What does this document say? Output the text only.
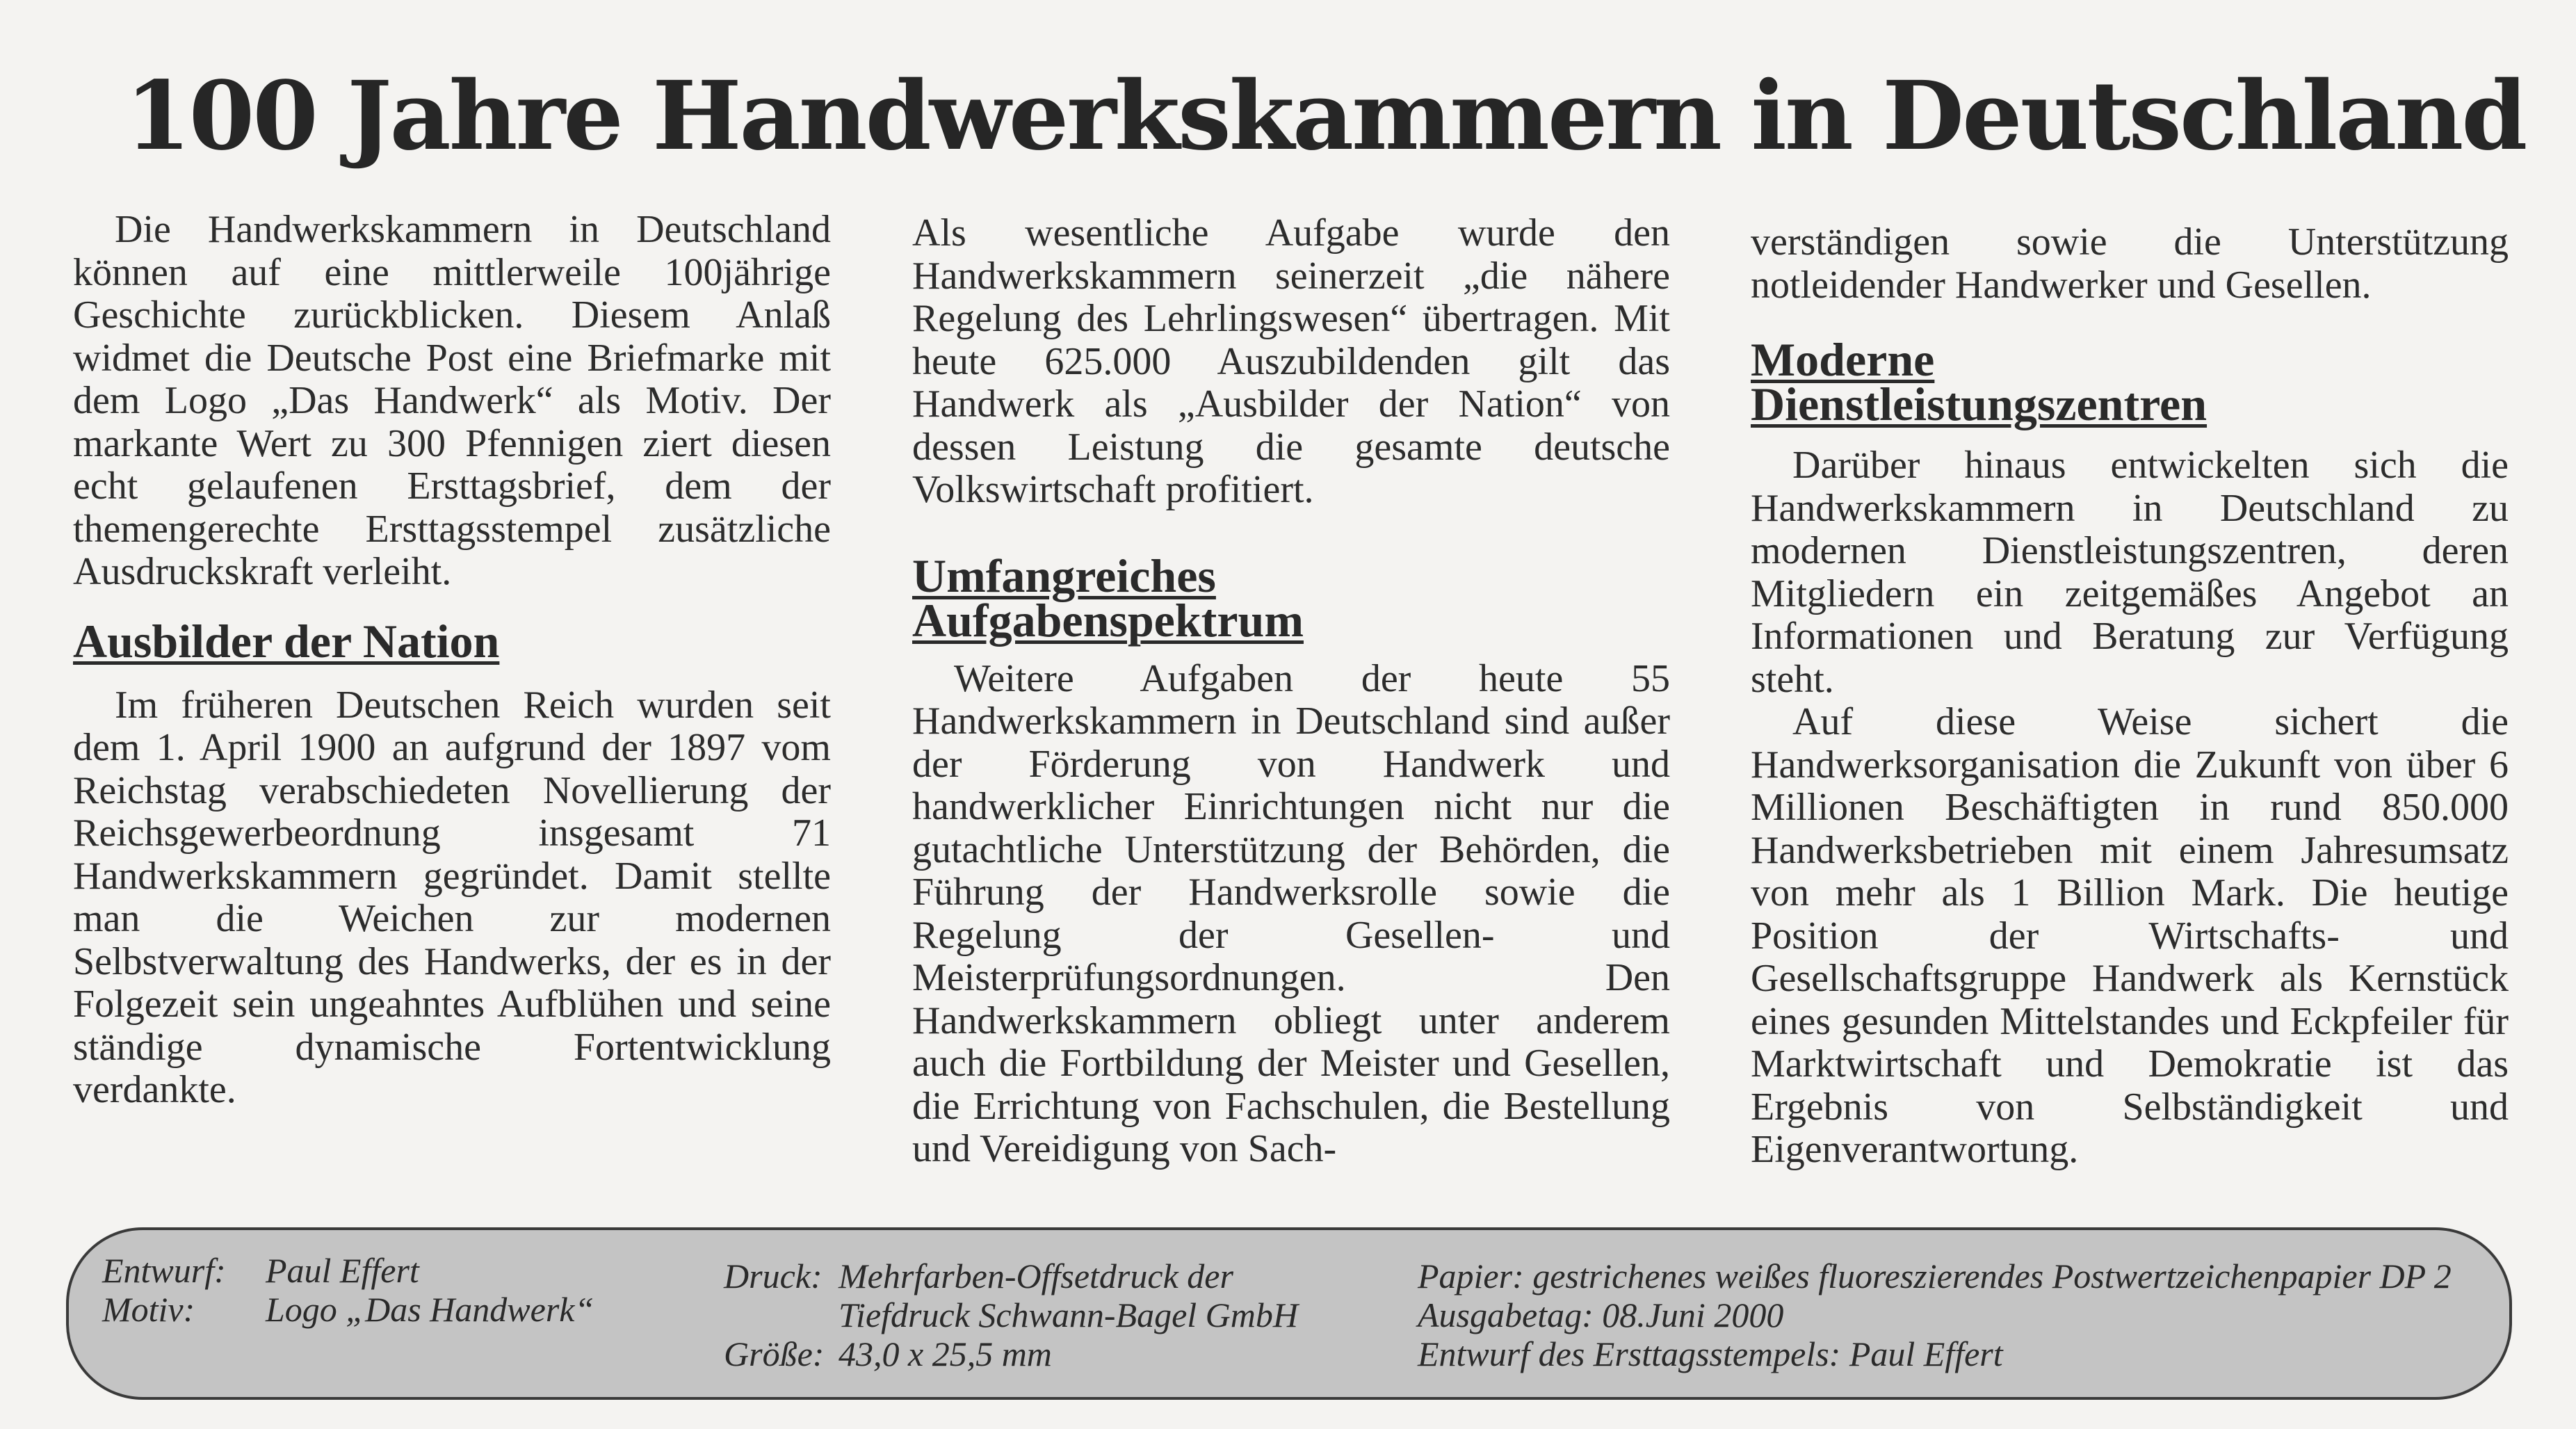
100 Jahre Handwerkskammern in Deutschland

Die Handwerkskammern in Deutschland können auf eine mittlerweile 100jährige Geschichte zurückblicken. Diesem Anlaß widmet die Deutsche Post eine Briefmarke mit dem Logo „Das Handwerk“ als Motiv. Der markante Wert zu 300 Pfennigen ziert diesen echt gelaufenen Ersttagsbrief, dem der themengerechte Ersttagsstempel zusätzliche Ausdruckskraft verleiht.

Ausbilder der Nation

Im früheren Deutschen Reich wurden seit dem 1. April 1900 an aufgrund der 1897 vom Reichstag verabschiedeten Novellierung der Reichsgewerbeordnung insgesamt 71 Handwerkskammern gegründet. Damit stellte man die Weichen zur modernen Selbstverwaltung des Handwerks, der es in der Folgezeit sein ungeahntes Aufblühen und seine ständige dynamische Fortentwicklung verdankte.

Als wesentliche Aufgabe wurde den Handwerkskammern seinerzeit „die nähere Regelung des Lehrlingswesen“ übertragen. Mit heute 625.000 Auszubildenden gilt das Handwerk als „Ausbilder der Nation“ von dessen Leistung die gesamte deutsche Volkswirtschaft profitiert.

Umfangreiches Aufgabenspektrum

Weitere Aufgaben der heute 55 Handwerkskammern in Deutschland sind außer der Förderung von Handwerk und handwerklicher Einrichtungen nicht nur die gutachtliche Unterstützung der Behörden, die Führung der Handwerksrolle sowie die Regelung der Gesellen- und Meisterprüfungsordnungen. Den Handwerkskammern obliegt unter anderem auch die Fortbildung der Meister und Gesellen, die Errichtung von Fachschulen, die Bestellung und Vereidigung von Sach-

verständigen sowie die Unterstützung notleidender Handwerker und Gesellen.

Moderne Dienstleistungszentren

Darüber hinaus entwickelten sich die Handwerkskammern in Deutschland zu modernen Dienstleistungszentren, deren Mitgliedern ein zeitgemäßes Angebot an Informationen und Beratung zur Verfügung steht.

Auf diese Weise sichert die Handwerksorganisation die Zukunft von über 6 Millionen Beschäftigten in rund 850.000 Handwerksbetrieben mit einem Jahresumsatz von mehr als 1 Billion Mark. Die heutige Position der Wirtschafts- und Gesellschaftsgruppe Handwerk als Kernstück eines gesunden Mittelstandes und Eckpfeiler für Marktwirtschaft und Demokratie ist das Ergebnis von Selbständigkeit und Eigenverantwortung.

Entwurf:	Paul Effert
Motiv:	Logo „Das Handwerk“
Druck: Mehrfarben-Offsetdruck der
Tiefdruck Schwann-Bagel GmbH
Größe: 43,0 x 25,5 mm
Papier: gestrichenes weißes fluoreszierendes Postwertzeichenpapier DP 2
Ausgabetag: 08.Juni 2000
Entwurf des Ersttagsstempels: Paul Effert
